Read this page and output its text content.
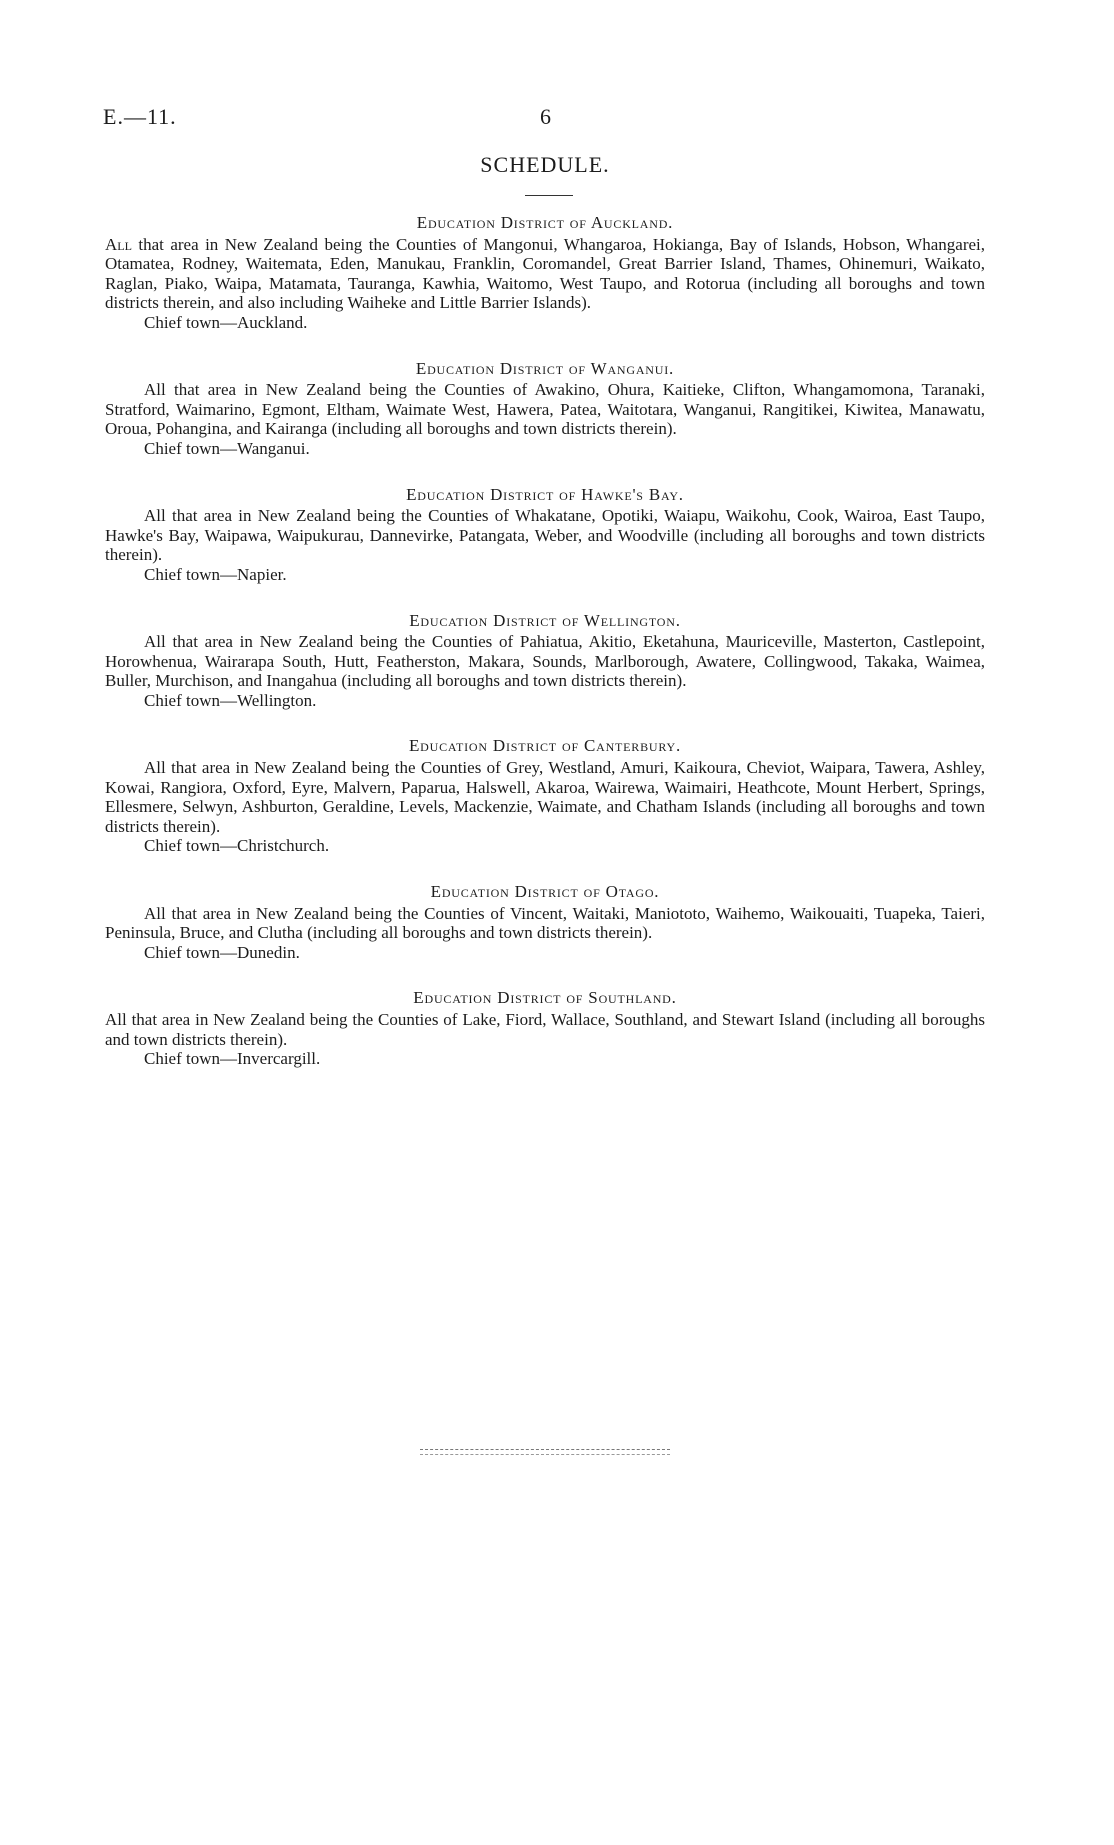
E.—11.	6
SCHEDULE.
Education District of Auckland.

All that area in New Zealand being the Counties of Mangonui, Whangaroa, Hokianga, Bay of Islands, Hobson, Whangarei, Otamatea, Rodney, Waitemata, Eden, Manukau, Franklin, Coromandel, Great Barrier Island, Thames, Ohinemuri, Waikato, Raglan, Piako, Waipa, Matamata, Tauranga, Kawhia, Waitomo, West Taupo, and Rotorua (including all boroughs and town districts therein, and also including Waiheke and Little Barrier Islands).

Chief town—Auckland.

Education District of Wanganui.

All that area in New Zealand being the Counties of Awakino, Ohura, Kaitieke, Clifton, Whangamomona, Taranaki, Stratford, Waimarino, Egmont, Eltham, Waimate West, Hawera, Patea, Waitotara, Wanganui, Rangitikei, Kiwitea, Manawatu, Oroua, Pohangina, and Kairanga (including all boroughs and town districts therein).

Chief town—Wanganui.

Education District of Hawke's Bay.

All that area in New Zealand being the Counties of Whakatane, Opotiki, Waiapu, Waikohu, Cook, Wairoa, East Taupo, Hawke's Bay, Waipawa, Waipukurau, Dannevirke, Patangata, Weber, and Woodville (including all boroughs and town districts therein).

Chief town—Napier.

Education District of Wellington.

All that area in New Zealand being the Counties of Pahiatua, Akitio, Eketahuna, Mauriceville, Masterton, Castlepoint, Horowhenua, Wairarapa South, Hutt, Featherston, Makara, Sounds, Marlborough, Awatere, Collingwood, Takaka, Waimea, Buller, Murchison, and Inangahua (including all boroughs and town districts therein).

Chief town—Wellington.

Education District of Canterbury.

All that area in New Zealand being the Counties of Grey, Westland, Amuri, Kaikoura, Cheviot, Waipara, Tawera, Ashley, Kowai, Rangiora, Oxford, Eyre, Malvern, Paparua, Halswell, Akaroa, Wairewa, Waimairi, Heathcote, Mount Herbert, Springs, Ellesmere, Selwyn, Ashburton, Geraldine, Levels, Mackenzie, Waimate, and Chatham Islands (including all boroughs and town districts therein).

Chief town—Christchurch.

Education District of Otago.

All that area in New Zealand being the Counties of Vincent, Waitaki, Maniototo, Waihemo, Waikouaiti, Tuapeka, Taieri, Peninsula, Bruce, and Clutha (including all boroughs and town districts therein).

Chief town—Dunedin.

Education District of Southland.

All that area in New Zealand being the Counties of Lake, Fiord, Wallace, Southland, and Stewart Island (including all boroughs and town districts therein).

Chief town—Invercargill.
